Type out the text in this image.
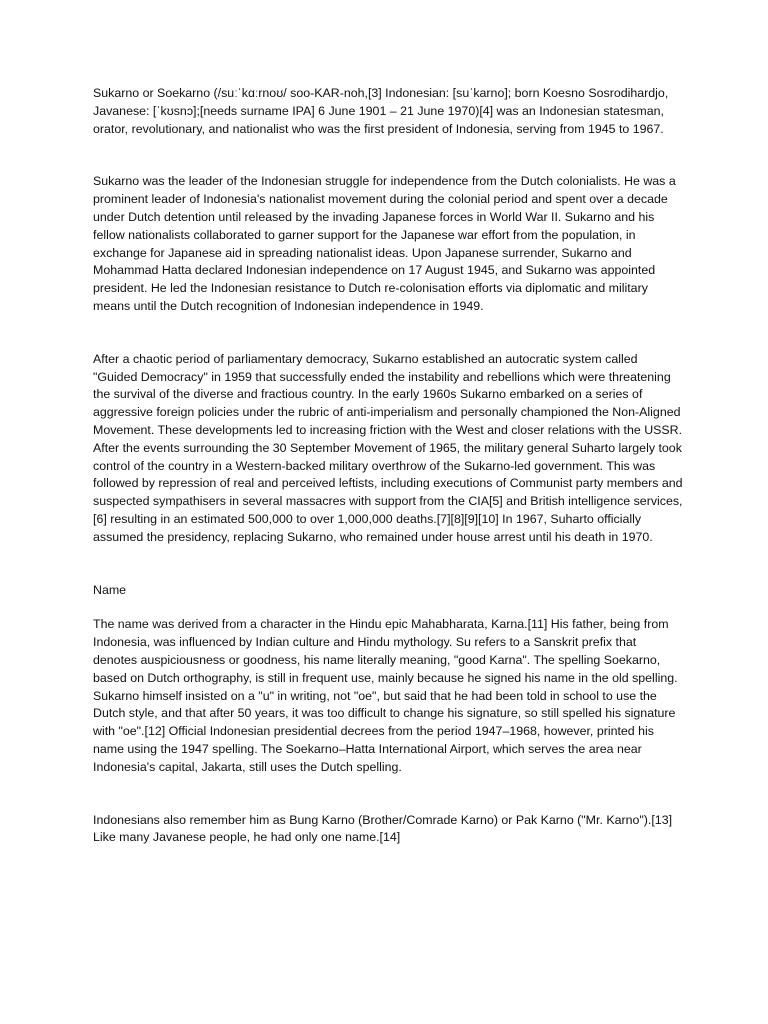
Sukarno or Soekarno (/suːˈkɑːrnoʊ/ soo-KAR-noh,[3] Indonesian: [suˈkarno]; born Koesno Sosrodihardjo, Javanese: [ˈkʊsnɔ];[needs surname IPA] 6 June 1901 – 21 June 1970)[4] was an Indonesian statesman, orator, revolutionary, and nationalist who was the first president of Indonesia, serving from 1945 to 1967.

Sukarno was the leader of the Indonesian struggle for independence from the Dutch colonialists. He was a prominent leader of Indonesia's nationalist movement during the colonial period and spent over a decade under Dutch detention until released by the invading Japanese forces in World War II. Sukarno and his fellow nationalists collaborated to garner support for the Japanese war effort from the population, in exchange for Japanese aid in spreading nationalist ideas. Upon Japanese surrender, Sukarno and Mohammad Hatta declared Indonesian independence on 17 August 1945, and Sukarno was appointed president. He led the Indonesian resistance to Dutch re-colonisation efforts via diplomatic and military means until the Dutch recognition of Indonesian independence in 1949.

After a chaotic period of parliamentary democracy, Sukarno established an autocratic system called "Guided Democracy" in 1959 that successfully ended the instability and rebellions which were threatening the survival of the diverse and fractious country. In the early 1960s Sukarno embarked on a series of aggressive foreign policies under the rubric of anti-imperialism and personally championed the Non-Aligned Movement. These developments led to increasing friction with the West and closer relations with the USSR. After the events surrounding the 30 September Movement of 1965, the military general Suharto largely took control of the country in a Western-backed military overthrow of the Sukarno-led government. This was followed by repression of real and perceived leftists, including executions of Communist party members and suspected sympathisers in several massacres with support from the CIA[5] and British intelligence services,[6] resulting in an estimated 500,000 to over 1,000,000 deaths.[7][8][9][10] In 1967, Suharto officially assumed the presidency, replacing Sukarno, who remained under house arrest until his death in 1970.

Name

The name was derived from a character in the Hindu epic Mahabharata, Karna.[11] His father, being from Indonesia, was influenced by Indian culture and Hindu mythology. Su refers to a Sanskrit prefix that denotes auspiciousness or goodness, his name literally meaning, "good Karna". The spelling Soekarno, based on Dutch orthography, is still in frequent use, mainly because he signed his name in the old spelling. Sukarno himself insisted on a "u" in writing, not "oe", but said that he had been told in school to use the Dutch style, and that after 50 years, it was too difficult to change his signature, so still spelled his signature with "oe".[12] Official Indonesian presidential decrees from the period 1947–1968, however, printed his name using the 1947 spelling. The Soekarno–Hatta International Airport, which serves the area near Indonesia's capital, Jakarta, still uses the Dutch spelling.

Indonesians also remember him as Bung Karno (Brother/Comrade Karno) or Pak Karno ("Mr. Karno").[13] Like many Javanese people, he had only one name.[14]
